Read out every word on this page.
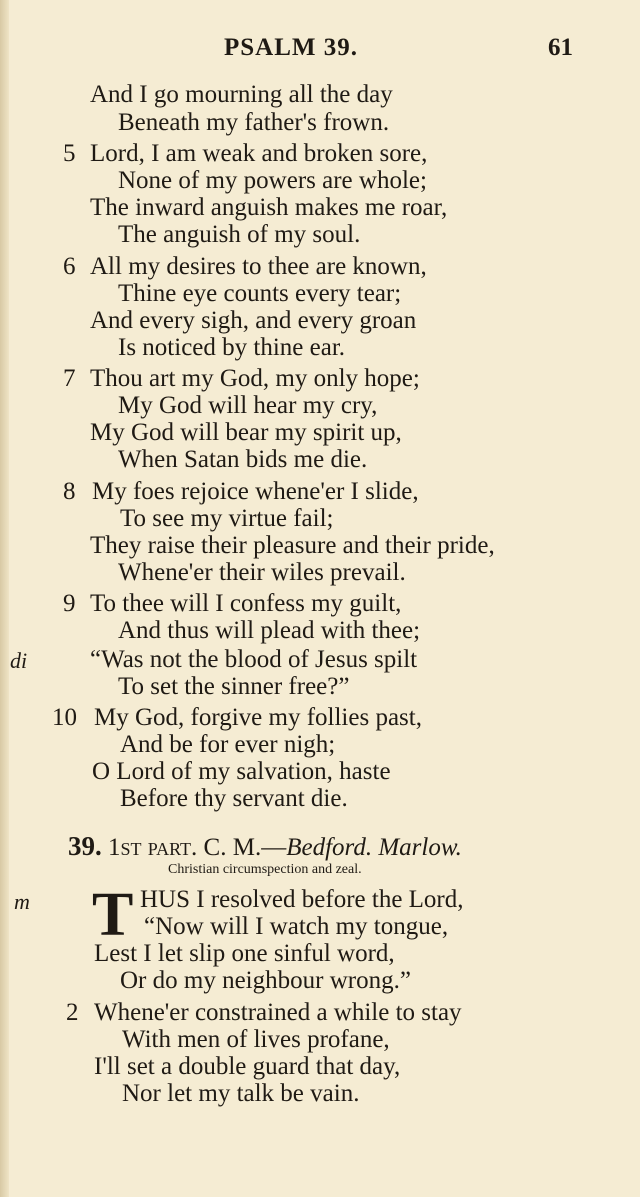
PSALM 39.	61
And I go mourning all the day
Beneath my father's frown.
5 Lord, I am weak and broken sore,
None of my powers are whole;
The inward anguish makes me roar,
The anguish of my soul.
6 All my desires to thee are known,
Thine eye counts every tear;
And every sigh, and every groan
Is noticed by thine ear.
7 Thou art my God, my only hope;
My God will hear my cry,
My God will bear my spirit up,
When Satan bids me die.
8 My foes rejoice whene'er I slide,
To see my virtue fail;
They raise their pleasure and their pride,
Whene'er their wiles prevail.
9 To thee will I confess my guilt,
And thus will plead with thee;
di	“Was not the blood of Jesus spilt
To set the sinner free?”
10 My God, forgive my follies past,
And be for ever nigh;
O Lord of my salvation, haste
Before thy servant die.
39. 1st part. C. M.—Bedford. Marlow.
Christian circumspection and zeal.
m T HUS I resolved before the Lord,
“Now will I watch my tongue,
Lest I let slip one sinful word,
Or do my neighbour wrong.”
2 Whene'er constrained a while to stay
With men of lives profane,
I'll set a double guard that day,
Nor let my talk be vain.
